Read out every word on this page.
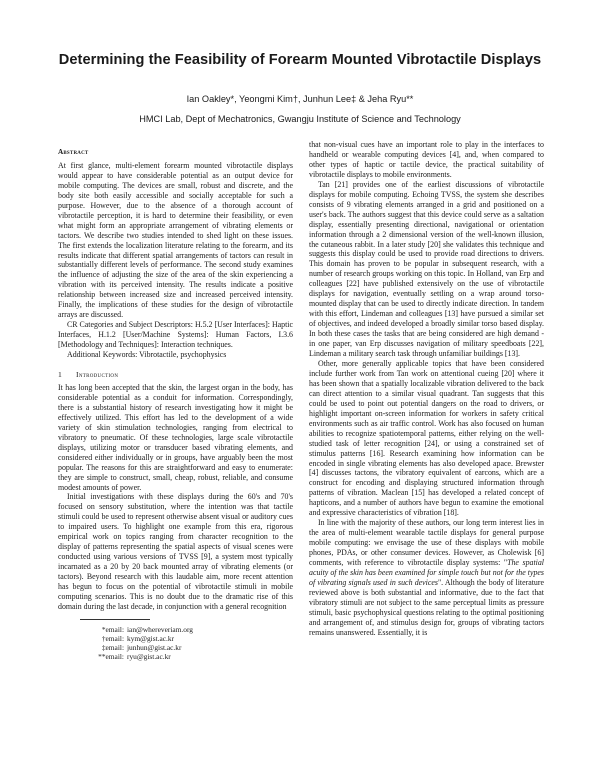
Determining the Feasibility of Forearm Mounted Vibrotactile Displays
Ian Oakley*, Yeongmi Kim†, Junhun Lee‡ & Jeha Ryu**
HMCI Lab, Dept of Mechatronics, Gwangju Institute of Science and Technology
Abstract

At first glance, multi-element forearm mounted vibrotactile displays would appear to have considerable potential as an output device for mobile computing. The devices are small, robust and discrete, and the body site both easily accessible and socially acceptable for such a purpose. However, due to the absence of a thorough account of vibrotactile perception, it is hard to determine their feasibility, or even what might form an appropriate arrangement of vibrating elements or tactors. We describe two studies intended to shed light on these issues. The first extends the localization literature relating to the forearm, and its results indicate that different spatial arrangements of tactors can result in substantially different levels of performance. The second study examines the influence of adjusting the size of the area of the skin experiencing a vibration with its perceived intensity. The results indicate a positive relationship between increased size and increased perceived intensity. Finally, the implications of these studies for the design of vibrotactile arrays are discussed.

CR Categories and Subject Descriptors: H.5.2 [User Interfaces]: Haptic Interfaces, H.1.2 [User/Machine Systems]: Human Factors, I.3.6 [Methodology and Techniques]: Interaction techniques.

Additional Keywords: Vibrotactile, psychophysics

1 Introduction

It has long been accepted that the skin, the largest organ in the body, has considerable potential as a conduit for information. Correspondingly, there is a substantial history of research investigating how it might be effectively utilized. This effort has led to the development of a wide variety of skin stimulation technologies, ranging from electrical to vibratory to pneumatic. Of these technologies, large scale vibrotactile displays, utilizing motor or transducer based vibrating elements, and considered either individually or in groups, have arguably been the most popular. The reasons for this are straightforward and easy to enumerate: they are simple to construct, small, cheap, robust, reliable, and consume modest amounts of power.

Initial investigations with these displays during the 60's and 70's focused on sensory substitution, where the intention was that tactile stimuli could be used to represent otherwise absent visual or auditory cues to impaired users. To highlight one example from this era, rigorous empirical work on topics ranging from character recognition to the display of patterns representing the spatial aspects of visual scenes were conducted using various versions of TVSS [9], a system most typically incarnated as a 20 by 20 back mounted array of vibrating elements (or tactors). Beyond research with this laudable aim, more recent attention has begun to focus on the potential of vibrotactile stimuli in mobile computing scenarios. This is no doubt due to the dramatic rise of this domain during the last decade, in conjunction with a general recognition

*email: ian@whereveriam.org
†email: kym@gist.ac.kr
‡email: junhun@gist.ac.kr
**email: ryu@gist.ac.kr

that non-visual cues have an important role to play in the interfaces to handheld or wearable computing devices [4], and, when compared to other types of haptic or tactile device, the practical suitability of vibrotactile displays to mobile environments.

Tan [21] provides one of the earliest discussions of vibrotactile displays for mobile computing. Echoing TVSS, the system she describes consists of 9 vibrating elements arranged in a grid and positioned on a user's back. The authors suggest that this device could serve as a saltation display, essentially presenting directional, navigational or orientation information through a 2 dimensional version of the well-known illusion, the cutaneous rabbit. In a later study [20] she validates this technique and suggests this display could be used to provide road directions to drivers. This domain has proven to be popular in subsequent research, with a number of research groups working on this topic. In Holland, van Erp and colleagues [22] have published extensively on the use of vibrotactile displays for navigation, eventually settling on a wrap around torso-mounted display that can be used to directly indicate direction. In tandem with this effort, Lindeman and colleagues [13] have pursued a similar set of objectives, and indeed developed a broadly similar torso based display. In both these cases the tasks that are being considered are high demand - in one paper, van Erp discusses navigation of military speedboats [22], Lindeman a military search task through unfamiliar buildings [13].

Other, more generally applicable topics that have been considered include further work from Tan work on attentional cueing [20] where it has been shown that a spatially localizable vibration delivered to the back can direct attention to a similar visual quadrant. Tan suggests that this could be used to point out potential dangers on the road to drivers, or highlight important on-screen information for workers in safety critical environments such as air traffic control. Work has also focused on human abilities to recognize spatiotemporal patterns, either relying on the well-studied task of letter recognition [24], or using a constrained set of stimulus patterns [16]. Research examining how information can be encoded in single vibrating elements has also developed apace. Brewster [4] discusses tactons, the vibratory equivalent of earcons, which are a construct for encoding and displaying structured information through patterns of vibration. Maclean [15] has developed a related concept of hapticons, and a number of authors have begun to examine the emotional and expressive characteristics of vibration [18].

In line with the majority of these authors, our long term interest lies in the area of multi-element wearable tactile displays for general purpose mobile computing: we envisage the use of these displays with mobile phones, PDAs, or other consumer devices. However, as Cholewisk [6] comments, with reference to vibrotactile display systems: "The spatial acuity of the skin has been examined for simple touch but not for the types of vibrating signals used in such devices". Although the body of literature reviewed above is both substantial and informative, due to the fact that vibratory stimuli are not subject to the same perceptual limits as pressure stimuli, basic psychophysical questions relating to the optimal positioning and arrangement of, and stimulus design for, groups of vibrating tactors remains unanswered. Essentially, it is
